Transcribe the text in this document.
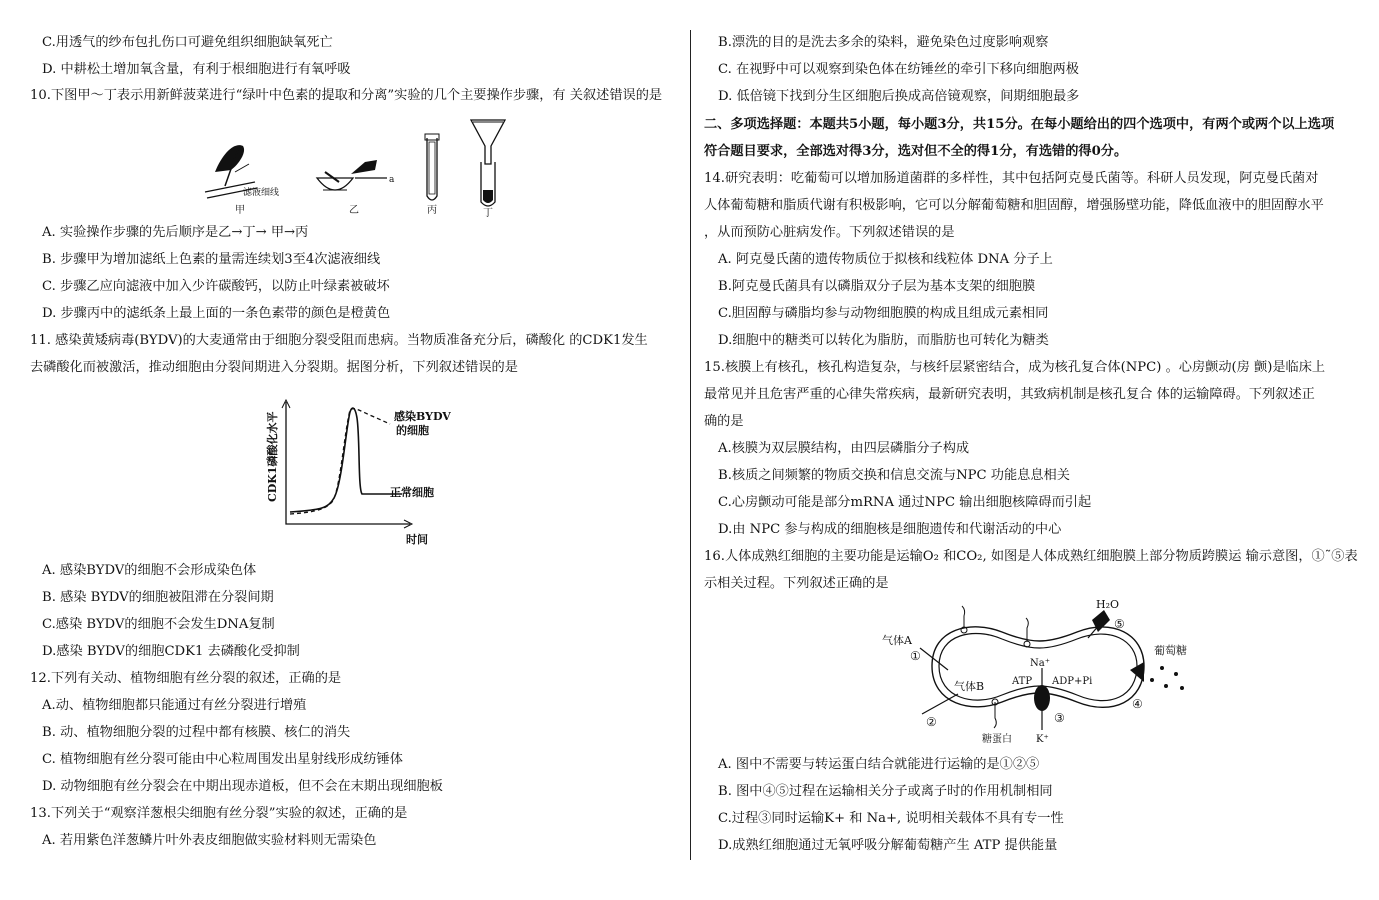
C.用透气的纱布包扎伤口可避免组织细胞缺氧死亡
D. 中耕松土增加氧含量，有利于根细胞进行有氧呼吸
10.下图甲～丁表示用新鲜菠菜进行“绿叶中色素的提取和分离”实验的几个主要操作步骤，有 关叙述错误的是
滤液细线
甲
a
乙	丙	丁
A. 实验操作步骤的先后顺序是乙→丁→ 甲→丙
B. 步骤甲为增加滤纸上色素的量需连续划3至4次滤液细线
C. 步骤乙应向滤液中加入少许碳酸钙，以防止叶绿素被破坏
D. 步骤丙中的滤纸条上最上面的一条色素带的颜色是橙黄色
11. 感染黄矮病毒(BYDV)的大麦通常由于细胞分裂受阻而患病。当物质准备充分后，磷酸化 的CDK1发生
去磷酸化而被激活，推动细胞由分裂间期进入分裂期。据图分析，下列叙述错误的是
CDK1磷酸化水平
时间
感染BYDV
的细胞
正常细胞
A. 感染BYDV的细胞不会形成染色体
B. 感染 BYDV的细胞被阻滞在分裂间期
C.感染 BYDV的细胞不会发生DNA复制
D.感染 BYDV的细胞CDK1 去磷酸化受抑制
12.下列有关动、植物细胞有丝分裂的叙述，正确的是
A.动、植物细胞都只能通过有丝分裂进行增殖
B. 动、植物细胞分裂的过程中都有核膜、核仁的消失
C. 植物细胞有丝分裂可能由中心粒周围发出星射线形成纺锤体
D. 动物细胞有丝分裂会在中期出现赤道板，但不会在末期出现细胞板
13.下列关于“观察洋葱根尖细胞有丝分裂”实验的叙述，正确的是
A. 若用紫色洋葱鳞片叶外表皮细胞做实验材料则无需染色
B.漂洗的目的是洗去多余的染料，避免染色过度影响观察
C. 在视野中可以观察到染色体在纺锤丝的牵引下移向细胞两极
D. 低倍镜下找到分生区细胞后换成高倍镜观察，间期细胞最多
二、多项选择题：本题共5小题，每小题3分，共15分。在每小题给出的四个选项中，有两个或两个以上选项
符合题目要求，全部选对得3分，选对但不全的得1分，有选错的得0分。
14.研究表明：吃葡萄可以增加肠道菌群的多样性，其中包括阿克曼氏菌等。科研人员发现，阿克曼氏菌对
人体葡萄糖和脂质代谢有积极影响，它可以分解葡萄糖和胆固醇，增强肠壁功能，降低血液中的胆固醇水平
，从而预防心脏病发作。下列叙述错误的是
A. 阿克曼氏菌的遗传物质位于拟核和线粒体 DNA 分子上
B.阿克曼氏菌具有以磷脂双分子层为基本支架的细胞膜
C.胆固醇与磷脂均参与动物细胞膜的构成且组成元素相同
D.细胞中的糖类可以转化为脂肪，而脂肪也可转化为糖类
15.核膜上有核孔，核孔构造复杂，与核纤层紧密结合，成为核孔复合体(NPC) 。心房颤动(房 颤)是临床上
最常见并且危害严重的心律失常疾病，最新研究表明，其致病机制是核孔复合 体的运输障碍。下列叙述正
确的是
A.核膜为双层膜结构，由四层磷脂分子构成
B.核质之间频繁的物质交换和信息交流与NPC 功能息息相关
C.心房颤动可能是部分mRNA 通过NPC 输出细胞核障碍而引起
D.由 NPC 参与构成的细胞核是细胞遗传和代谢活动的中心
16.人体成熟红细胞的主要功能是运输O₂ 和CO₂, 如图是人体成熟红细胞膜上部分物质跨膜运 输示意图，①˜⑤表
示相关过程。下列叙述正确的是
H₂O
⑤
葡萄糖
④
Na⁺
ATP ADP+Pi
③
K⁺
气体A
①
气体B
②
糖蛋白
A. 图中不需要与转运蛋白结合就能进行运输的是①②⑤
B. 图中④⑤过程在运输相关分子或离子时的作用机制相同
C.过程③同时运输K+ 和 Na+, 说明相关载体不具有专一性
D.成熟红细胞通过无氧呼吸分解葡萄糖产生 ATP 提供能量
